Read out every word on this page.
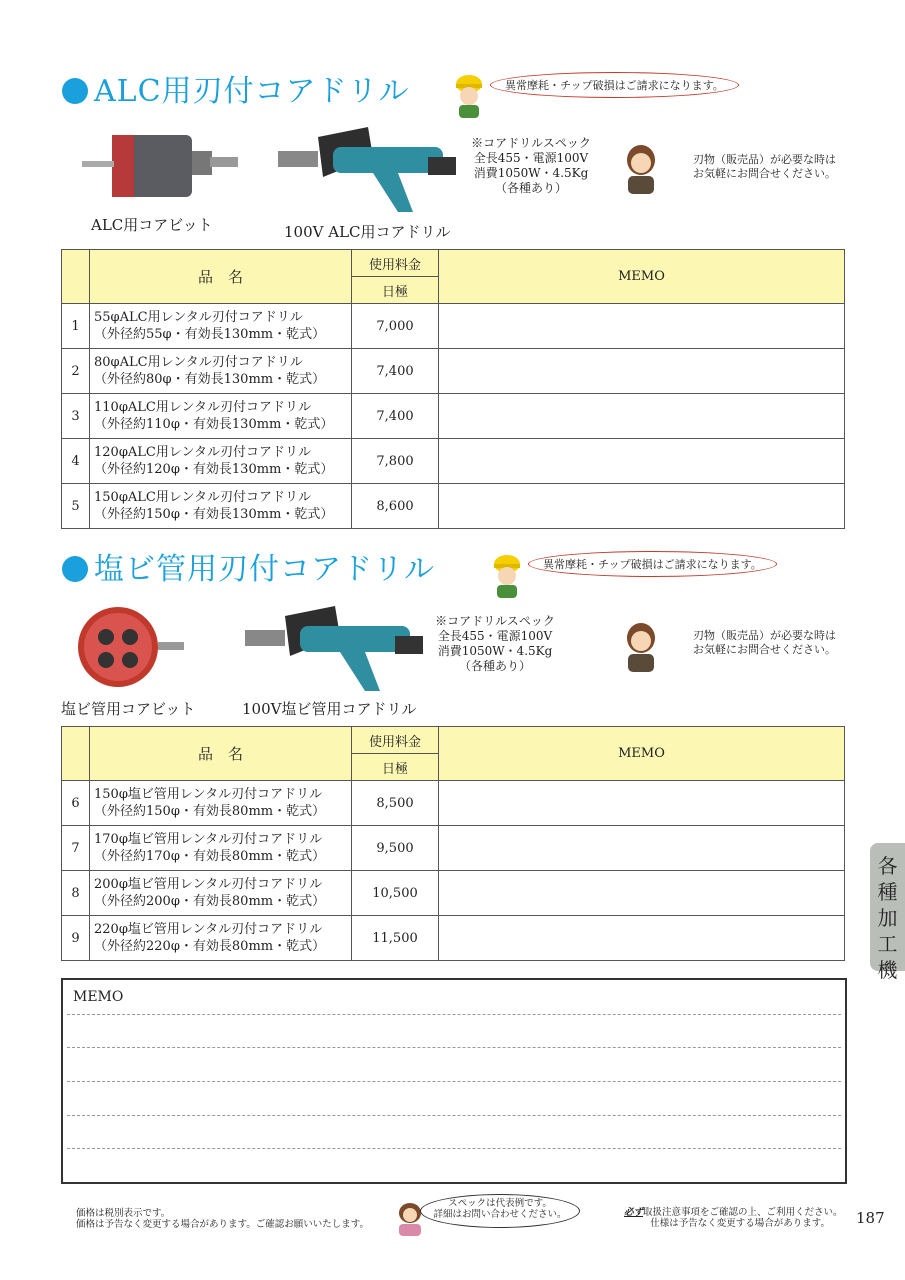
ALC用刃付コアドリル	異常摩耗・チップ破損はご請求になります。
ALC用コアビット	100V ALC用コアドリル
※コアドリルスペック
全長455・電源100V
消費1050W・4.5Kg
（各種あり）
刃物（販売品）が必要な時は
お気軽にお問合せください。
	品　名	使用料金	MEMO
		日極	
1	55φALC用レンタル刃付コアドリル
（外径約55φ・有効長130mm・乾式）	7,000	
2	80φALC用レンタル刃付コアドリル
（外径約80φ・有効長130mm・乾式）	7,400	
3	110φALC用レンタル刃付コアドリル
（外径約110φ・有効長130mm・乾式）	7,400	
4	120φALC用レンタル刃付コアドリル
（外径約120φ・有効長130mm・乾式）	7,800	
5	150φALC用レンタル刃付コアドリル
（外径約150φ・有効長130mm・乾式）	8,600	
塩ビ管用刃付コアドリル	異常摩耗・チップ破損はご請求になります。
塩ビ管用コアビット	100V塩ビ管用コアドリル
※コアドリルスペック
全長455・電源100V
消費1050W・4.5Kg
（各種あり）
刃物（販売品）が必要な時は
お気軽にお問合せください。
	品　名	使用料金	MEMO
		日極	
6	150φ塩ビ管用レンタル刃付コアドリル
（外径約150φ・有効長80mm・乾式）	8,500	
7	170φ塩ビ管用レンタル刃付コアドリル
（外径約170φ・有効長80mm・乾式）	9,500	
8	200φ塩ビ管用レンタル刃付コアドリル
（外径約200φ・有効長80mm・乾式）	10,500	
9	220φ塩ビ管用レンタル刃付コアドリル
（外径約220φ・有効長80mm・乾式）	11,500	
各
種
加
工
機
MEMO
価格は税別表示です。
価格は予告なく変更する場合があります。ご確認お願いいたします。
スペックは代表例です。
詳細はお問い合わせください。	必ず取扱注意事項をご確認の上、ご利用ください。
仕様は予告なく変更する場合があります。 187
